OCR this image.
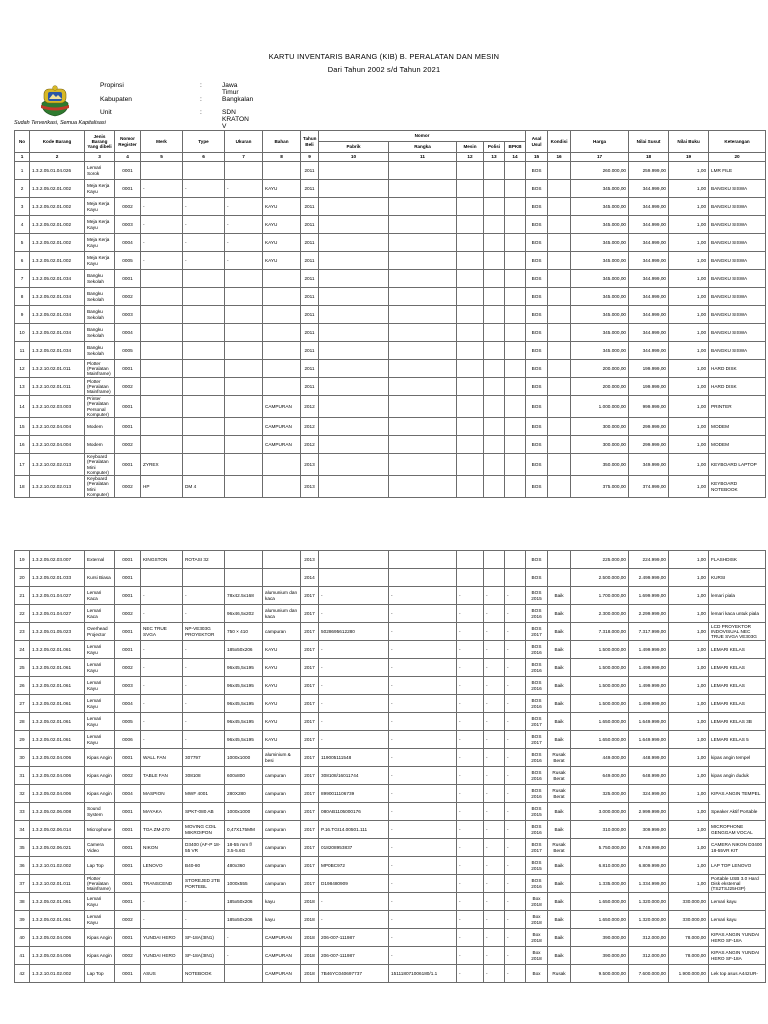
KARTU INVENTARIS BARANG (KIB) B. PERALATAN DAN MESIN
Dari Tahun 2002 s/d Tahun 2021
Propinsi	:	Jawa Timur
Kabupaten	:	Bangkalan
Unit	:	SDN KRATON V
Sudah Terverikasi, Semua Kapitalisasi
No	Kode Barang	Jenis Barang Yang dibeli	Nomor Register	Merk	Type	Ukuran	Bahan	Tahun Beli	Nomor					Asal Usul	Kondisi	Harga	Nilai Susut	Nilai Buku	Keterangan
									Pabrik	Rangka	Mesin	Polisi	BPKB						
1	2	3	4	5	6	7	8	9	10	11	12	13	14	15	16	17	18	19	20
1	1.3.2.05.01.04.026	Lemari Sorok	0001					2011						BOS		260.000,00	259.999,00	1,00	LMR FILE
2	1.3.2.05.02.01.002	Meja Kerja Kayu	0001	-	-	-	KAYU	2011						BOS		345.000,00	344.999,00	1,00	BANGKU SISWA
3	1.3.2.05.02.01.002	Meja Kerja Kayu	0002	-	-	-	KAYU	2011						BOS		345.000,00	344.999,00	1,00	BANGKU SISWA
4	1.3.2.05.02.01.002	Meja Kerja Kayu	0003	-	-	-	KAYU	2011						BOS		345.000,00	344.999,00	1,00	BANGKU SISWA
5	1.3.2.05.02.01.002	Meja Kerja Kayu	0004	-	-	-	KAYU	2011						BOS		345.000,00	344.999,00	1,00	BANGKU SISWA
6	1.3.2.05.02.01.002	Meja Kerja Kayu	0005	-	-	-	KAYU	2011						BOS		345.000,00	344.999,00	1,00	BANGKU SISWA
7	1.3.2.05.02.01.034	Bangku Sekolah	0001					2011						BOS		345.000,00	344.999,00	1,00	BANGKU SISWA
8	1.3.2.05.02.01.034	Bangku Sekolah	0002					2011						BOS		345.000,00	344.999,00	1,00	BANGKU SISWA
9	1.3.2.05.02.01.034	Bangku Sekolah	0003					2011						BOS		345.000,00	344.999,00	1,00	BANGKU SISWA
10	1.3.2.05.02.01.034	Bangku Sekolah	0004					2011						BOS		345.000,00	344.999,00	1,00	BANGKU SISWA
11	1.3.2.05.02.01.034	Bangku Sekolah	0005					2011						BOS		345.000,00	344.999,00	1,00	BANGKU SISWA
12	1.3.2.10.02.01.011	Plotter (Peralatan Mainframe)	0001					2011						BOS		200.000,00	199.999,00	1,00	HARD DISK
13	1.3.2.10.02.01.011	Plotter (Peralatan Mainframe)	0002					2011						BOS		200.000,00	199.999,00	1,00	HARD DISK
14	1.3.2.10.02.03.003	Printer (Peralatan Personal Komputer)	0001				CAMPURAN	2012						BOS		1.000.000,00	999.999,00	1,00	PRINTER
15	1.3.2.10.02.04.004	Modem	0001				CAMPURAN	2012						BOS		300.000,00	299.999,00	1,00	MODEM
16	1.3.2.10.02.04.004	Modem	0002				CAMPURAN	2012						BOS		300.000,00	299.999,00	1,00	MODEM
17	1.3.2.10.02.02.013	Keyboard (Peralatan Mini Komputer)	0001	ZYREX				2013						BOS		350.000,00	349.999,00	1,00	KEYBOARD LAPTOP
18	1.3.2.10.02.02.013	Keyboard (Peralatan Mini Komputer)	0002	HP	DM 4			2013						BOS		375.000,00	374.999,00	1,00	KEYBOARD NOTEBOOK
19	1.3.2.05.02.03.007	External	0001	KINGSTON	ROTASI 32			2013						BOS		225.000,00	224.999,00	1,00	FLASHDISK
20	1.3.2.05.02.01.033	Kursi Biasa	0001					2014						BOS		2.500.000,00	2.499.999,00	1,00	KURSI
21	1.3.2.05.01.04.027	Lemari Kaca	0001	-	-	78x42.5x168	alumunium dan kaca	2017	-	-	-	-	-	BOS 2015	Baik	1.700.000,00	1.699.999,00	1,00	lemari piala
22	1.3.2.05.01.04.027	Lemari Kaca	0002	-	-	96x46,5x202	alumunium dan kaca	2017	-	-	-	-	-	BOS 2016	Baik	2.300.000,00	2.299.999,00	1,00	lemari kaca untuk piala
23	1.3.2.05.01.05.023	Overhead Projector	0001	NEC TRUE SVGA	NP-VE303G PROYEKTOR	750 × 410	campuran	2017	5028695612280	-	-	-	-	BOS 2017	Baik	7.318.000,00	7.317.999,00	1,00	LCD PROYEKTOR INDOVISUAL NEC TRUE SVGA VE303G
24	1.3.2.05.02.01.061	Lemari Kayu	0001	-	-	185x50x206	KAYU	2017	-	-	-	-	-	BOS 2016	Baik	1.500.000,00	1.499.999,00	1,00	LEMARI KELAS
25	1.3.2.05.02.01.061	Lemari Kayu	0002	-	-	96x45,5x195	KAYU	2017	-	-	-	-	-	BOS 2016	Baik	1.500.000,00	1.499.999,00	1,00	LEMARI KELAS
26	1.3.2.05.02.01.061	Lemari Kayu	0003	-	-	96x45,5x195	KAYU	2017	-	-	-	-	-	BOS 2016	Baik	1.500.000,00	1.499.999,00	1,00	LEMARI KELAS
27	1.3.2.05.02.01.061	Lemari Kayu	0004	-	-	96x45,5x195	KAYU	2017	-	-	-	-	-	BOS 2016	Baik	1.500.000,00	1.499.999,00	1,00	LEMARI KELAS
28	1.3.2.05.02.01.061	Lemari Kayu	0005	-	-	96x45,5x195	KAYU	2017	-	-	-	-	-	BOS 2017	Baik	1.650.000,00	1.649.999,00	1,00	LEMARI KELAS 3B
29	1.3.2.05.02.01.061	Lemari Kayu	0006	-	-	96x45,5x195	KAYU	2017	-	-	-	-	-	BOS 2017	Baik	1.650.000,00	1.649.999,00	1,00	LEMARI KELAS 5
30	1.3.2.05.02.04.006	Kipas Angin	0001	WALL FAN	307797	1000x1000	aluminium & besi	2017	119005111548	-	-	-	-	BOS 2016	Rusak Berat	449.000,00	448.999,00	1,00	kipas angin tempel
31	1.3.2.05.02.04.006	Kipas Angin	0002	TABLE FAN	308108	600x800	campuran	2017	308108/16011744	-	-	-	-	BOS 2016	Rusak Berat	649.000,00	648.999,00	1,00	kipas angin duduk
32	1.3.2.05.02.04.006	Kipas Angin	0004	MASPION	MWF 4001	280X280	campuran	2017	8990011106739	-	-	-	-	BOS 2016	Rusak Berat	325.000,00	324.999,00	1,00	KIPAS ANGIN TEMPEL
33	1.3.2.05.02.06.008	Sound System	0001	MAYAKA	SPKT-080 AB	1000x1000	campuran	2017	080AB1105000176	-	-	-	-	BOS 2015	Baik	3.000.000,00	2.999.999,00	1,00	Speaker Aktif Portable
34	1.3.2.05.02.06.014	Microphone	0001	TOA ZM-270	MOVING COIL MIKROIPON	0,47X175MM	campuran	2017	P.16.TGI14.00501.111	-	-	-	-	BOS 2016	Baik	310.000,00	309.999,00	1,00	MICROPHONE GENGGAM VOCAL
35	1.3.2.05.02.06.021	Camera Video	0001	NIKON	D3400 (AF-P 18-55 VR	18-55 mm f/ 3.5-5.6G	campuran	2017	018208953837	-	-	-	-	BOS 2017	Rusak Berat	5.750.000,00	5.749.999,00	1,00	CAMERA NIKON D3400 18-55VR KIT
36	1.3.2.10.01.02.002	Lap Top	0001	LENOVO	B40-80	480x360	campuran	2017	MP0BC972	-	-	-	-	BOS 2015	Baik	6.810.000,00	6.809.999,00	1,00	LAP TOP LENOVO
37	1.3.2.10.02.01.011	Plotter (Peralatan Mainframe)	0001	TRANSCEND	STOREJED 2TB PORTEBL	1000x555	campuran	2017	D198480909	-	-	-	-	BOS 2016	Baik	1.335.000,00	1.334.999,00	1,00	Portable USB 3.0 Hard Disk eksternal (TS2TSJ25H3P)
38	1.3.2.05.02.01.061	Lemari Kayu	0001	-	-	185x50x206	kayu	2018	-	-	-	-	-	Box 2018	Baik	1.650.000,00	1.320.000,00	330.000,00	Lemari kayu
39	1.3.2.05.02.01.061	Lemari Kayu	0002	-	-	185x50x206	kayu	2018	-	-	-	-	-	Box 2018	Baik	1.650.000,00	1.320.000,00	330.000,00	Lemari kayu
40	1.3.2.05.02.04.006	Kipas Angin	0001	YUNDAI HERO	SF-18A(3IN1)	-	CAMPURAN	2018	206-007-111987	-	-	-	-	Box 2018	Baik	390.000,00	312.000,00	78.000,00	KIPAS ANGIN YUNDAI HERO SF-18A
41	1.3.2.05.02.04.006	Kipas Angin	0002	YUNDAI HERO	SF-18A(3IN1)	-	CAMPURAN	2018	206-007-111987	-	-	-	-	Box 2018	Baik	390.000,00	312.000,00	78.000,00	KIPAS ANGIN YUNDAI HERO SF-18A
42	1.3.2.10.01.02.002	Lap Top	0001	ASUS	NOTEBOOK		CAMPURAN	2018	7B46YC040697737	151118071006180/1.1	-	-	-	Box	Rusak	9.500.000,00	7.600.000,00	1.900.000,00	Lek top asus A442UR-
